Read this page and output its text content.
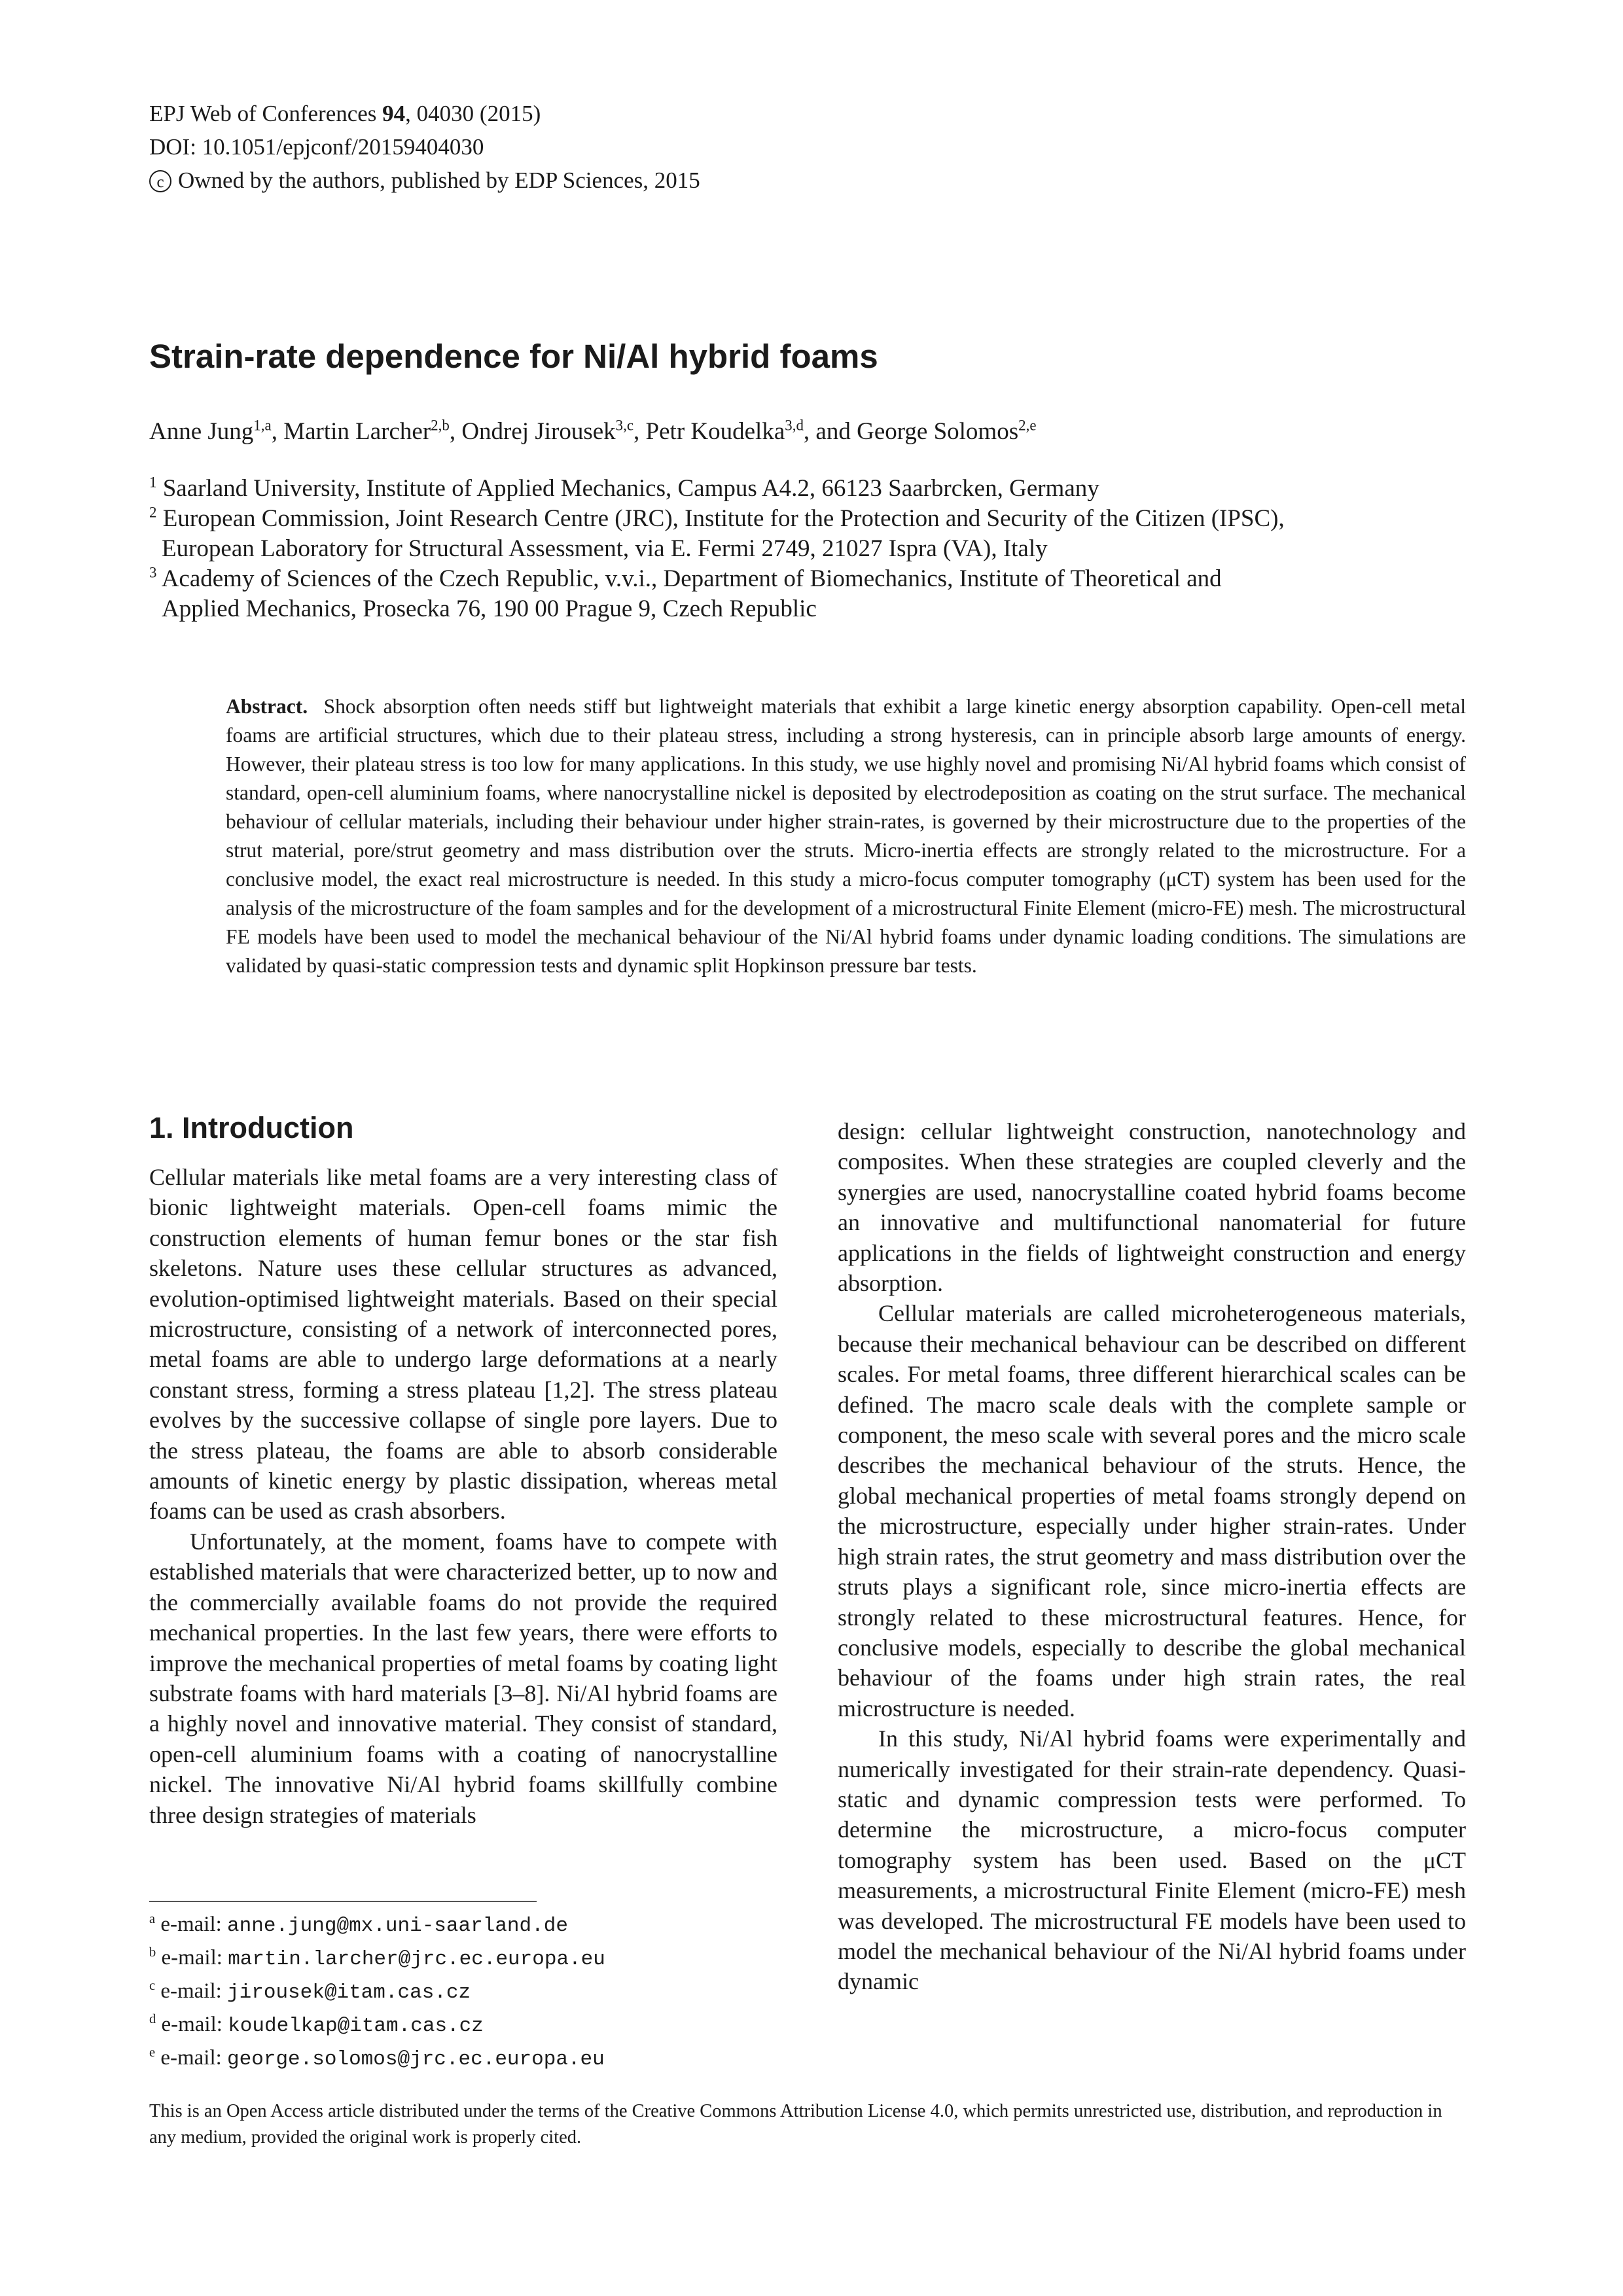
EPJ Web of Conferences 94, 04030 (2015)
DOI: 10.1051/epjconf/20159404030
c Owned by the authors, published by EDP Sciences, 2015
Strain-rate dependence for Ni/Al hybrid foams
Anne Jung$^{1,a}$, Martin Larcher$^{2,b}$, Ondrej Jirousek$^{3,c}$, Petr Koudelka$^{3,d}$, and George Solomos$^{2,e}$
$^1$ Saarland University, Institute of Applied Mechanics, Campus A4.2, 66123 Saarbrcken, Germany
$^2$ European Commission, Joint Research Centre (JRC), Institute for the Protection and Security of the Citizen (IPSC),
European Laboratory for Structural Assessment, via E. Fermi 2749, 21027 Ispra (VA), Italy
$^3$ Academy of Sciences of the Czech Republic, v.v.i., Department of Biomechanics, Institute of Theoretical and
Applied Mechanics, Prosecka 76, 190 00 Prague 9, Czech Republic
Abstract. Shock absorption often needs stiff but lightweight materials that exhibit a large kinetic energy absorption capability. Open-cell metal foams are artificial structures, which due to their plateau stress, including a strong hysteresis, can in principle absorb large amounts of energy. However, their plateau stress is too low for many applications. In this study, we use highly novel and promising Ni/Al hybrid foams which consist of standard, open-cell aluminium foams, where nanocrystalline nickel is deposited by electrodeposition as coating on the strut surface. The mechanical behaviour of cellular materials, including their behaviour under higher strain-rates, is governed by their microstructure due to the properties of the strut material, pore/strut geometry and mass distribution over the struts. Micro-inertia effects are strongly related to the microstructure. For a conclusive model, the exact real microstructure is needed. In this study a micro-focus computer tomography (μCT) system has been used for the analysis of the microstructure of the foam samples and for the development of a microstructural Finite Element (micro-FE) mesh. The microstructural FE models have been used to model the mechanical behaviour of the Ni/Al hybrid foams under dynamic loading conditions. The simulations are validated by quasi-static compression tests and dynamic split Hopkinson pressure bar tests.
1. Introduction

Cellular materials like metal foams are a very interesting class of bionic lightweight materials. Open-cell foams mimic the construction elements of human femur bones or the star fish skeletons. Nature uses these cellular structures as advanced, evolution-optimised lightweight materials. Based on their special microstructure, consisting of a network of interconnected pores, metal foams are able to undergo large deformations at a nearly constant stress, forming a stress plateau [1,2]. The stress plateau evolves by the successive collapse of single pore layers. Due to the stress plateau, the foams are able to absorb considerable amounts of kinetic energy by plastic dissipation, whereas metal foams can be used as crash absorbers.

Unfortunately, at the moment, foams have to compete with established materials that were characterized better, up to now and the commercially available foams do not provide the required mechanical properties. In the last few years, there were efforts to improve the mechanical properties of metal foams by coating light substrate foams with hard materials [3–8]. Ni/Al hybrid foams are a highly novel and innovative material. They consist of standard, open-cell aluminium foams with a coating of nanocrystalline nickel. The innovative Ni/Al hybrid foams skillfully combine three design strategies of materials

design: cellular lightweight construction, nanotechnology and composites. When these strategies are coupled cleverly and the synergies are used, nanocrystalline coated hybrid foams become an innovative and multifunctional nanomaterial for future applications in the fields of lightweight construction and energy absorption.

Cellular materials are called microheterogeneous materials, because their mechanical behaviour can be described on different scales. For metal foams, three different hierarchical scales can be defined. The macro scale deals with the complete sample or component, the meso scale with several pores and the micro scale describes the mechanical behaviour of the struts. Hence, the global mechanical properties of metal foams strongly depend on the microstructure, especially under higher strain-rates. Under high strain rates, the strut geometry and mass distribution over the struts plays a significant role, since micro-inertia effects are strongly related to these microstructural features. Hence, for conclusive models, especially to describe the global mechanical behaviour of the foams under high strain rates, the real microstructure is needed.

In this study, Ni/Al hybrid foams were experimentally and numerically investigated for their strain-rate dependency. Quasi-static and dynamic compression tests were performed. To determine the microstructure, a micro-focus computer tomography system has been used. Based on the μCT measurements, a microstructural Finite Element (micro-FE) mesh was developed. The microstructural FE models have been used to model the mechanical behaviour of the Ni/Al hybrid foams under dynamic

$^a$ e-mail: anne.jung@mx.uni-saarland.de
$^b$ e-mail: martin.larcher@jrc.ec.europa.eu
$^c$ e-mail: jirousek@itam.cas.cz
$^d$ e-mail: koudelkap@itam.cas.cz
$^e$ e-mail: george.solomos@jrc.ec.europa.eu
This is an Open Access article distributed under the terms of the Creative Commons Attribution License 4.0, which permits unrestricted use, distribution, and reproduction in any medium, provided the original work is properly cited.
